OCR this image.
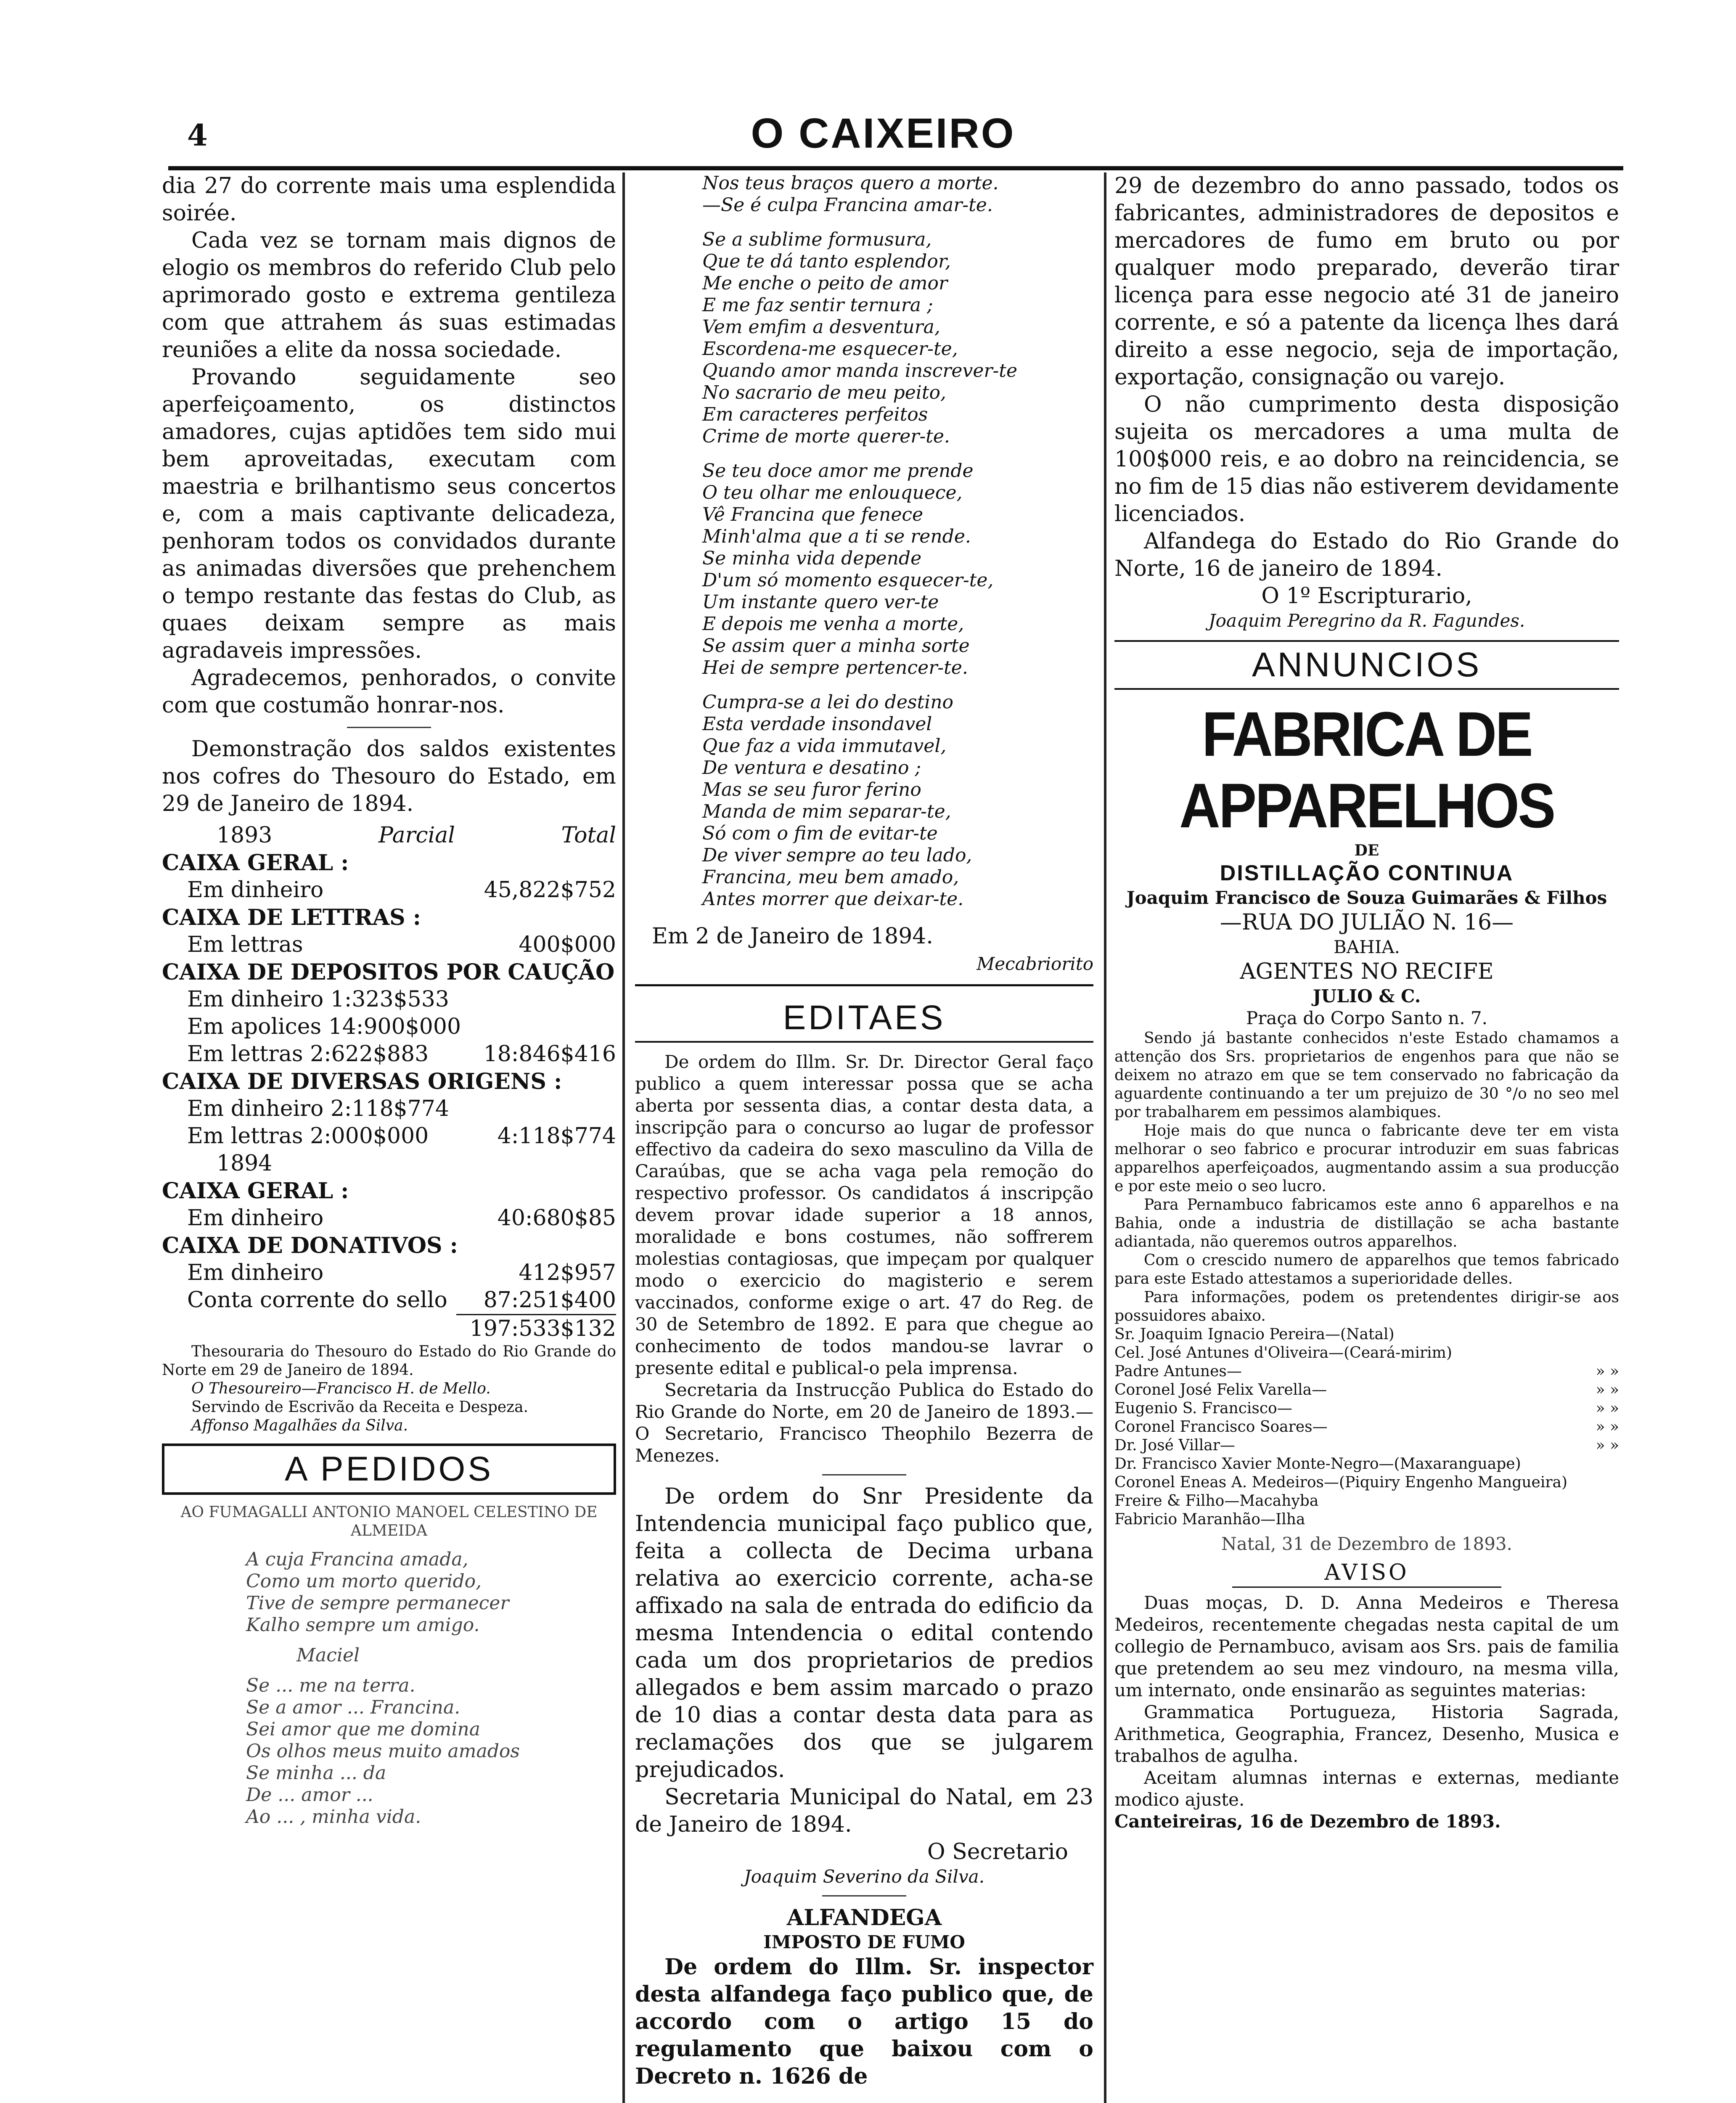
4	O CAIXEIRO

dia 27 do corrente mais uma esplendida soirée.

Cada vez se tornam mais dignos de elogio os membros do referido Club pelo aprimorado gosto e extrema gentileza com que attrahem ás suas estimadas reuniões a elite da nossa sociedade.

Provando seguidamente seo aperfeiçoamento, os distinctos amadores, cujas aptidões tem sido mui bem aproveitadas, executam com maestria e brilhantismo seus concertos e, com a mais captivante delicadeza, penhoram todos os convidados durante as animadas diversões que prehenchem o tempo restante das festas do Club, as quaes deixam sempre as mais agradaveis impressões.

Agradecemos, penhorados, o convite com que costumão honrar-nos.

Demonstração dos saldos existentes nos cofres do Thesouro do Estado, em 29 de Janeiro de 1894.

1893	Parcial	Total
CAIXA GERAL :
Em dinheiro	45,822$752
CAIXA DE LETTRAS :
Em lettras	400$000
CAIXA DE DEPOSITOS POR CAUÇÃO
Em dinheiro 1:323$533
Em apolices 14:900$000
Em lettras 2:622$883	18:846$416
CAIXA DE DIVERSAS ORIGENS :
Em dinheiro 2:118$774
Em lettras 2:000$000	4:118$774
1894
CAIXA GERAL :
Em dinheiro	40:680$85
CAIXA DE DONATIVOS :
Em dinheiro	412$957
Conta corrente do sello 87:251$400
197:533$132

Thesouraria do Thesouro do Estado do Rio Grande do Norte em 29 de Janeiro de 1894.

O Thesoureiro—Francisco H. de Mello.

Servindo de Escrivão da Receita e Despeza.

Affonso Magalhães da Silva.

A PEDIDOS

AO FUMAGALLI ANTONIO MANOEL CELESTINO DE ALMEIDA

A cuja Francina amada,
Como um morto querido,
Tive de sempre permanecer
Kalho sempre um amigo.
Maciel
Se ... me na terra.
Se a amor ... Francina.
Sei amor que me domina
Os olhos meus muito amados
Se minha ... da
De ... amor ...
Ao ... , minha vida.
Nos teus braços quero a morte.
—Se é culpa Francina amar-te.
Se a sublime formusura,
Que te dá tanto esplendor,
Me enche o peito de amor
E me faz sentir ternura ;
Vem emfim a desventura,
Escordena-me esquecer-te,
Quando amor manda inscrever-te
No sacrario de meu peito,
Em caracteres perfeitos
Crime de morte querer-te.
Se teu doce amor me prende
O teu olhar me enlouquece,
Vê Francina que fenece
Minh'alma que a ti se rende.
Se minha vida depende
D'um só momento esquecer-te,
Um instante quero ver-te
E depois me venha a morte,
Se assim quer a minha sorte
Hei de sempre pertencer-te.
Cumpra-se a lei do destino
Esta verdade insondavel
Que faz a vida immutavel,
De ventura e desatino ;
Mas se seu furor ferino
Manda de mim separar-te,
Só com o fim de evitar-te
De viver sempre ao teu lado,
Francina, meu bem amado,
Antes morrer que deixar-te.
Em 2 de Janeiro de 1894.
Mecabriorito
EDITAES

De ordem do Illm. Sr. Dr. Director Geral faço publico a quem interessar possa que se acha aberta por sessenta dias, a contar desta data, a inscripção para o concurso ao lugar de professor effectivo da cadeira do sexo masculino da Villa de Caraúbas, que se acha vaga pela remoção do respectivo professor. Os candidatos á inscripção devem provar idade superior a 18 annos, moralidade e bons costumes, não soffrerem molestias contagiosas, que impeçam por qualquer modo o exercicio do magisterio e serem vaccinados, conforme exige o art. 47 do Reg. de 30 de Setembro de 1892. E para que chegue ao conhecimento de todos mandou-se lavrar o presente edital e publical-o pela imprensa.

Secretaria da Instrucção Publica do Estado do Rio Grande do Norte, em 20 de Janeiro de 1893.—O Secretario, Francisco Theophilo Bezerra de Menezes.

De ordem do Snr Presidente da Intendencia municipal faço publico que, feita a collecta de Decima urbana relativa ao exercicio corrente, acha-se affixado na sala de entrada do edificio da mesma Intendencia o edital contendo cada um dos proprietarios de predios allegados e bem assim marcado o prazo de 10 dias a contar desta data para as reclamações dos que se julgarem prejudicados.

Secretaria Municipal do Natal, em 23 de Janeiro de 1894.

O Secretario
Joaquim Severino da Silva.
ALFANDEGA
IMPOSTO DE FUMO

De ordem do Illm. Sr. inspector desta alfandega faço publico que, de accordo com o artigo 15 do regulamento que baixou com o Decreto n. 1626 de

29 de dezembro do anno passado, todos os fabricantes, administradores de depositos e mercadores de fumo em bruto ou por qualquer modo preparado, deverão tirar licença para esse negocio até 31 de janeiro corrente, e só a patente da licença lhes dará direito a esse negocio, seja de importação, exportação, consignação ou varejo.

O não cumprimento desta disposição sujeita os mercadores a uma multa de 100$000 reis, e ao dobro na reincidencia, se no fim de 15 dias não estiverem devidamente licenciados.

Alfandega do Estado do Rio Grande do Norte, 16 de janeiro de 1894.

O 1º Escripturario,
Joaquim Peregrino da R. Fagundes.
ANNUNCIOS
FABRICA DE APPARELHOS
DE
DISTILLAÇÃO CONTINUA
Joaquim Francisco de Souza Guimarães & Filhos
—RUA DO JULIÃO N. 16—
BAHIA.
AGENTES NO RECIFE
JULIO & C.
Praça do Corpo Santo n. 7.

Sendo já bastante conhecidos n'este Estado chamamos a attenção dos Srs. proprietarios de engenhos para que não se deixem no atrazo em que se tem conservado no fabricação da aguardente continuando a ter um prejuizo de 30 °/o no seo mel por trabalharem em pessimos alambiques.

Hoje mais do que nunca o fabricante deve ter em vista melhorar o seo fabrico e procurar introduzir em suas fabricas apparelhos aperfeiçoados, augmentando assim a sua producção e por este meio o seo lucro.

Para Pernambuco fabricamos este anno 6 apparelhos e na Bahia, onde a industria de distillação se acha bastante adiantada, não queremos outros apparelhos.

Com o crescido numero de apparelhos que temos fabricado para este Estado attestamos a superioridade delles.

Para informações, podem os pretendentes dirigir-se aos possuidores abaixo.

Sr. Joaquim Ignacio Pereira—(Natal)
Cel. José Antunes d'Oliveira—(Ceará-mirim)
Padre Antunes—	» »
Coronel José Felix Varella—	» »
Eugenio S. Francisco—	» »
Coronel Francisco Soares—	» »
Dr. José Villar—	» »
Dr. Francisco Xavier Monte-Negro—(Maxaranguape)
Coronel Eneas A. Medeiros—(Piquiry Engenho Mangueira)
Freire & Filho—Macahyba
Fabricio Maranhão—Ilha
Natal, 31 de Dezembro de 1893.
AVISO

Duas moças, D. D. Anna Medeiros e Theresa Medeiros, recentemente chegadas nesta capital de um collegio de Pernambuco, avisam aos Srs. pais de familia que pretendem ao seu mez vindouro, na mesma villa, um internato, onde ensinarão as seguintes materias:

Grammatica Portugueza, Historia Sagrada, Arithmetica, Geographia, Francez, Desenho, Musica e trabalhos de agulha.

Aceitam alumnas internas e externas, mediante modico ajuste.

Canteireiras, 16 de Dezembro de 1893.
